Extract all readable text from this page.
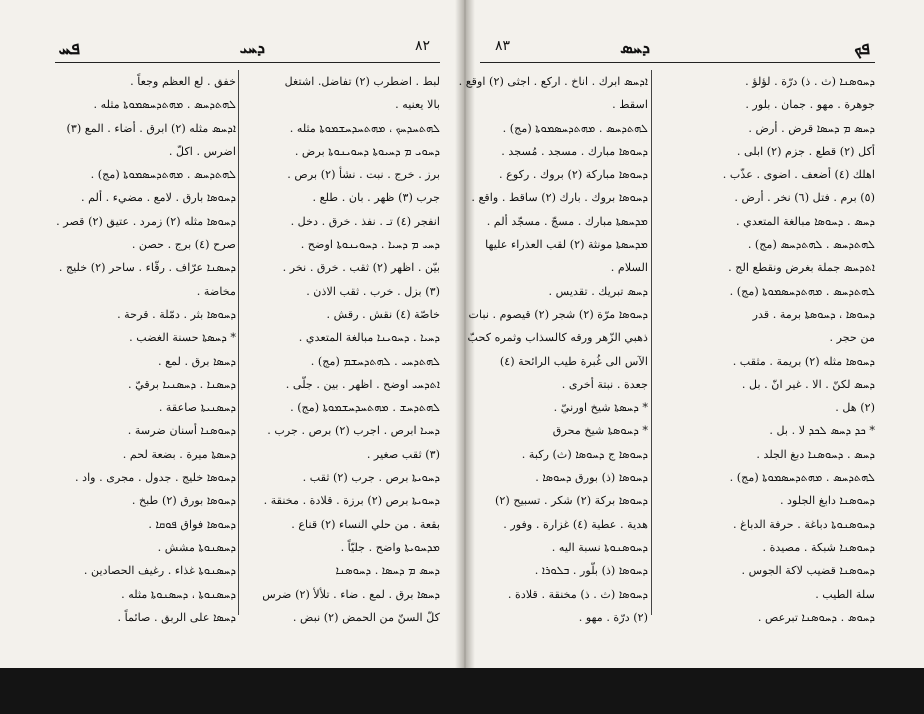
ܦܚ	ܕܚܝ	٨٢
لبط . اضطرب (٢) تفاضل. اشتغل
بالا يعنيه .
ܠܗܬܚܕܚܟ ، ܡܗܬܚܕܚܫܡܘܬܐ مثله .
ܕܚܘܝ ܡ ܕܚܝܘܬܐ ܕܚܘܝܢܘܬܐ برض .
برز . خرج . نبت . نشأ (٢) برص .
جرب (٣) ظهر . بان . طلع .
انفجر (٤) تـ . نفذ . خرق . دخل .
ܕܚܝ ܡ ܕܚܝܐ . ܕܚܘܝܢܘܬܐ اوضح .
بيّن . اظهر (٢) ثقب . خرق . نخر .
(٣) بزل . خرب . ثقب الاذن .
خاصّة (٤) نقش . رقش .
ܕܚܝܐ . ܕܚܘܝܢܐ مبالغة المتعدي .
ܠܗܬܕܚܝ . ܠܗܬܕܚܫܡ (مج) .
ܐܬܕܚܝ اوضح . اظهر . بين . جلّى .
ܠܗܬܕܚܫ . ܡܗܬܚܕܚܫܡܘܬܐ (مج) .
ܕܚܝܐ ابرص . اجرب (٢) برص . جرب .
(٣) ثقب صغير .
ܕܚܘܝܬܐ برص . جرب (٢) ثقب .
ܕܚܘܝܬܐ برص (٢) برزة . قلادة . مخنقة .
بقعة . من حلي النساء (٢) قناع .
ܡܕܚܘܝܬܐ واضح . جليّاً .
ܕܚܣ ܡ ܕܚܣܐ . ܕܚܘܣܢܐ
ܕܚܣܐ برق . لمع . ضاء . تلألأ (٢) ضرس
كلّ السنّ من الحمض (٢) نبض .
خفق . لع العظم وجعاً .
ܠܗܬܕܚܣ . ܡܗܬܕܚܣܡܘܬܐ مثله .
ܐܕܚܣ مثله (٢) ابرق . أضاء . المع (٣)
اضرس . اكلّ .
ܠܗܬܕܚܣ . ܡܗܬܕܚܣܡܘܬܐ (مج) .
ܕܚܘܣܐ بارق . لامع . مضيء . ألم .
ܕܚܘܣܐ مثله (٢) زمرد . عتيق (٢) قصر .
صرح (٤) برج . حصن .
ܕܚܣܢܐ عرّاف . رقّاء . ساحر (٢) خليج .
مخاضة .
ܕܚܘܣܐ بثر . دمّلة . قرحة .
* ܕܚܣܬܐ حسنة الغضب .
ܕܚܣܐ برق . لمع .
ܕܚܣܢܐ . ܕܚܣܢܝܐ برقيّ .
ܕܚܣܢܝܬܐ صاعقة .
ܕܚܘܣܢܐ أسنان ضرسة .
ܕܚܣܬܐ ميرة . بضعة لحم .
ܕܚܘܣܐ خليج . جدول . مجرى . واد .
ܕܚܘܣܐ بورق (٢) طبخ .
ܕܚܘܣܐ فواق ܦܘܩܐ .
ܕܚܣܢܘܬܐ مشش .
ܕܚܣܢܘܬܐ غذاء . رغيف الحصادين .
ܕܚܣܢܘܬܐ ، ܕܚܣܢܘܬܐ مثله .
ܕܚܣܐ على الربق . صائماً .
ܦܟ
ܕܚܣ
٨٣
ܕܚܘܣܢܐ (ث . ذ) درّة . لؤلؤ .
جوهرة . مهو . جمان . بلور .
ܕܚܣ ܡ ܕܚܣܐ قرض . أرض .
أكل (٢) قطع . جزم (٢) ابلى .
اهلك (٤) أضعف . اضوى . عذّب .
(٥) برم . فتل (٦) نخر . أرض .
ܕܚܣ . ܕܚܘܣܐ مبالغة المتعدي .
ܠܗܬܕܚܣ . ܠܗܬܕܚܣ (مج) .
ܐܬܕܚܣ جملة بغرض ونقطع الج .
ܠܗܬܕܚܣ . ܡܗܬܕܚܣܡܘܬܐ (مج) .
ܕܚܘܣܐ ، ܕܚܘܣܬܐ برمة . قدر
من حجر .
ܕܚܘܣܐ مثله (٢) بريمة . مثقب .
ܕܚܣ لكنّ . الا . غير انّ . بل .
(٢) هل .
* ܟܕ ܕܚܣ ܠܟܕ لا . بل .
ܕܚܣ . ܕܚܘܣܢܐ دبغ الجلد .
ܠܗܬܕܚܣ . ܡܗܬܕܚܣܡܘܬܐ (مج) .
ܕܚܘܣܢܐ دابغ الجلود .
ܕܚܘܣܢܘܬܐ دباغة . حرفة الدباغ .
ܕܚܘܣܢܐ شبكة . مصيدة .
ܕܚܘܣܢܐ قضيب لاكة الجوس .
سلة الطيب .
ܕܚܘܣ . ܕܚܘܣܢܐ تبرعص .
ܐܕܚܣ ابرك . اناخ . اركع . اجثى (٢) اوقع .
اسقط .
ܠܗܬܕܚܣ . ܡܗܬܕܚܣܡܘܬܐ (مج) .
ܕܚܘܣܐ مبارك . مسجد . مُسجد .
ܕܚܘܣܐ مباركة (٢) بروك . ركوع .
ܕܚܘܣܐ بروك . بارك (٢) ساقط . واقع .
ܡܕܚܣܬܐ مبارك . مسجّ . مسجّد ألم .
ܡܕܚܣܬܐ مونثة (٢) لقب العذراء عليها
السلام .
ܕܚܣ تبريك . تقديس .
ܕܚܘܣܐ مرّة (٢) شجر (٢) قيصوم . نبات
ذهبي الزّهر ورقه كالسذاب وثمره كحبّ
الآس الى غُبرة طيب الرائحة (٤)
جعدة . نبتة أخرى .
* ܕܚܣܬܐ شيخ اورنيّ .
* ܕܚܘܣܬܐ شيخ محرق
ܕܚܘܣܐ ج ܕܚܘܣܐ (ث) ركبة .
ܕܚܘܣܐ (ذ) بورق ܕܚܘܣܐ .
ܕܚܘܣܐ بركة (٢) شكر . تسبيح (٢)
هدية . عطية (٤) غزارة . وفور .
ܕܚܘܣܢܘܬܐ نسبة اليه .
ܕܚܘܣܐ (ذ) بلّور . ܒܠܘܪܐ .
ܕܚܘܣܐ (ث . ذ) مخنقة . قلادة .
(٢) درّة . مهو .
